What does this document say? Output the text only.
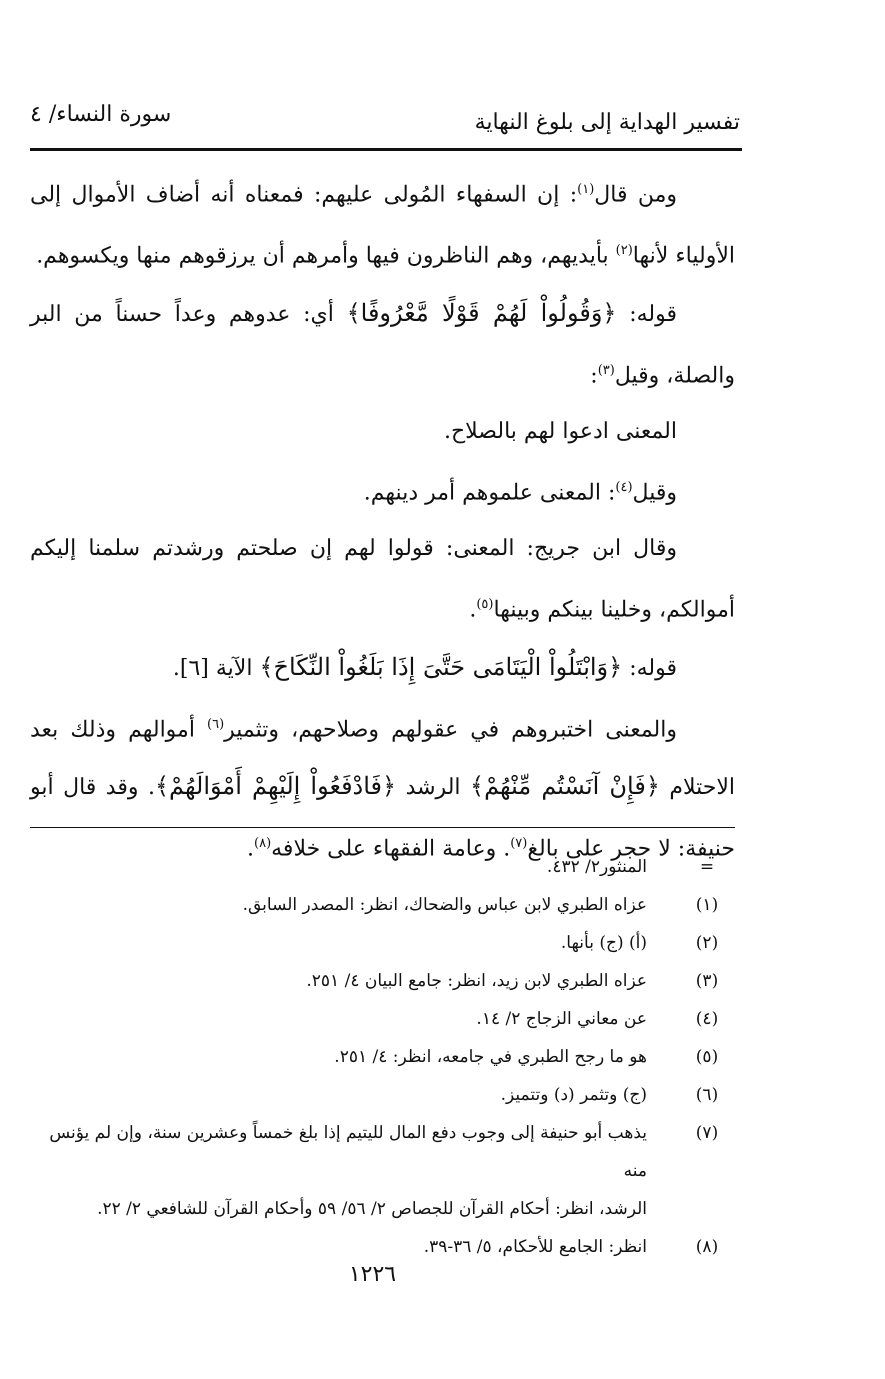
تفسير الهداية إلى بلوغ النهاية
سورة النساء/ ٤

ومن قال$^{(١)}$: إن السفهاء المُولى عليهم: فمعناه أنه أضاف الأموال إلى الأولياء لأنها$^{(٢)}$ بأيديهم، وهم الناظرون فيها وأمرهم أن يرزقوهم منها ويكسوهم.

قوله: ﴿وَقُولُواْ لَهُمْ قَوْلًا مَّعْرُوفًا﴾ أي: عدوهم وعداً حسناً من البر والصلة، وقيل$^{(٣)}$:
المعنى ادعوا لهم بالصلاح.

وقيل$^{(٤)}$: المعنى علموهم أمر دينهم.

وقال ابن جريج: المعنى: قولوا لهم إن صلحتم ورشدتم سلمنا إليكم أموالكم، وخلينا بينكم وبينها$^{(٥)}$.

قوله: ﴿وَابْتَلُواْ الْيَتَامَى حَتَّىَ إِذَا بَلَغُواْ النِّكَاحَ﴾ الآية [٦].

والمعنى اختبروهم في عقولهم وصلاحهم، وتثمير$^{(٦)}$ أموالهم وذلك بعد الاحتلام ﴿فَإِنْ آنَسْتُم مِّنْهُمْ﴾ الرشد ﴿فَادْفَعُواْ إِلَيْهِمْ أَمْوَالَهُمْ﴾. وقد قال أبو حنيفة: لا حجر على بالغ$^{(٧)}$. وعامة الفقهاء على خلافه$^{(٨)}$.

=
المنثور٢/ ٤٣٢.
(١)
عزاه الطبري لابن عباس والضحاك، انظر: المصدر السابق.
(٢)
(أ) (ج) بأنها.
(٣)
عزاه الطبري لابن زيد، انظر: جامع البيان ٤/ ٢٥١.
(٤)
عن معاني الزجاج ٢/ ١٤.
(٥)
هو ما رجح الطبري في جامعه، انظر: ٤/ ٢٥١.
(٦)
(ج) وتثمر (د) وتتميز.
(٧)
يذهب أبو حنيفة إلى وجوب دفع المال لليتيم إذا بلغ خمساً وعشرين سنة، وإن لم يؤنس منه
الرشد، انظر: أحكام القرآن للجصاص ٢/ ٥٦/ ٥٩ وأحكام القرآن للشافعي ٢/ ٢٢.
(٨)
انظر: الجامع للأحكام، ٥/ ٣٦-٣٩.
١٢٢٦
